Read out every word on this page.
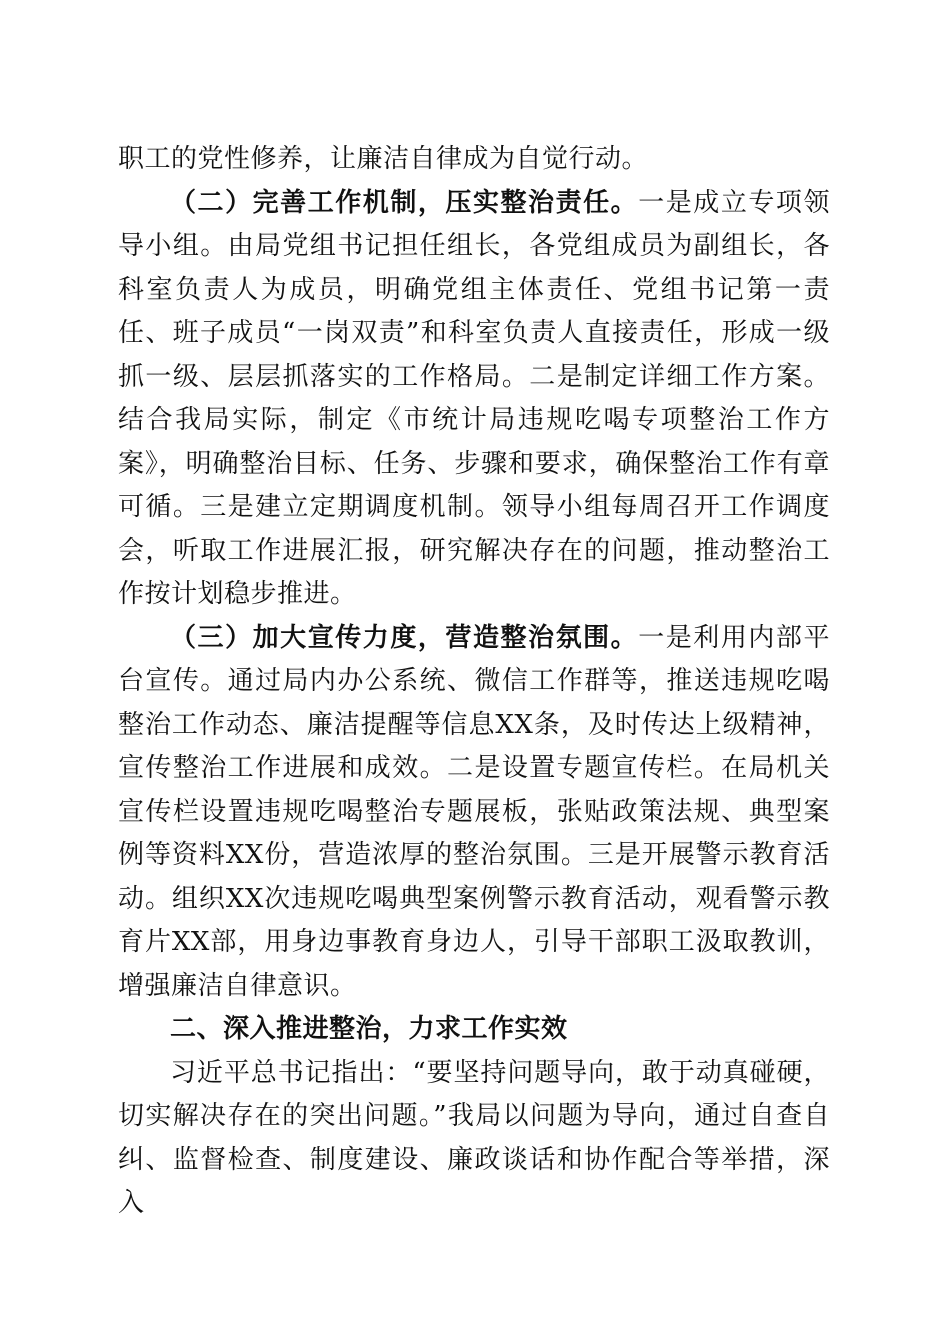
职工的党性修养，让廉洁自律成为自觉行动。

（二）完善工作机制，压实整治责任。一是成立专项领导小组。由局党组书记担任组长，各党组成员为副组长，各科室负责人为成员，明确党组主体责任、党组书记第一责任、班子成员“一岗双责”和科室负责人直接责任，形成一级抓一级、层层抓落实的工作格局。二是制定详细工作方案。结合我局实际，制定《市统计局违规吃喝专项整治工作方案》，明确整治目标、任务、步骤和要求，确保整治工作有章可循。三是建立定期调度机制。领导小组每周召开工作调度会，听取工作进展汇报，研究解决存在的问题，推动整治工作按计划稳步推进。

（三）加大宣传力度，营造整治氛围。一是利用内部平台宣传。通过局内办公系统、微信工作群等，推送违规吃喝整治工作动态、廉洁提醒等信息XX条，及时传达上级精神，宣传整治工作进展和成效。二是设置专题宣传栏。在局机关宣传栏设置违规吃喝整治专题展板，张贴政策法规、典型案例等资料XX份，营造浓厚的整治氛围。三是开展警示教育活动。组织XX次违规吃喝典型案例警示教育活动，观看警示教育片XX部，用身边事教育身边人，引导干部职工汲取教训，增强廉洁自律意识。

二、深入推进整治，力求工作实效

习近平总书记指出：“要坚持问题导向，敢于动真碰硬，切实解决存在的突出问题。”我局以问题为导向，通过自查自纠、监督检查、制度建设、廉政谈话和协作配合等举措，深入
